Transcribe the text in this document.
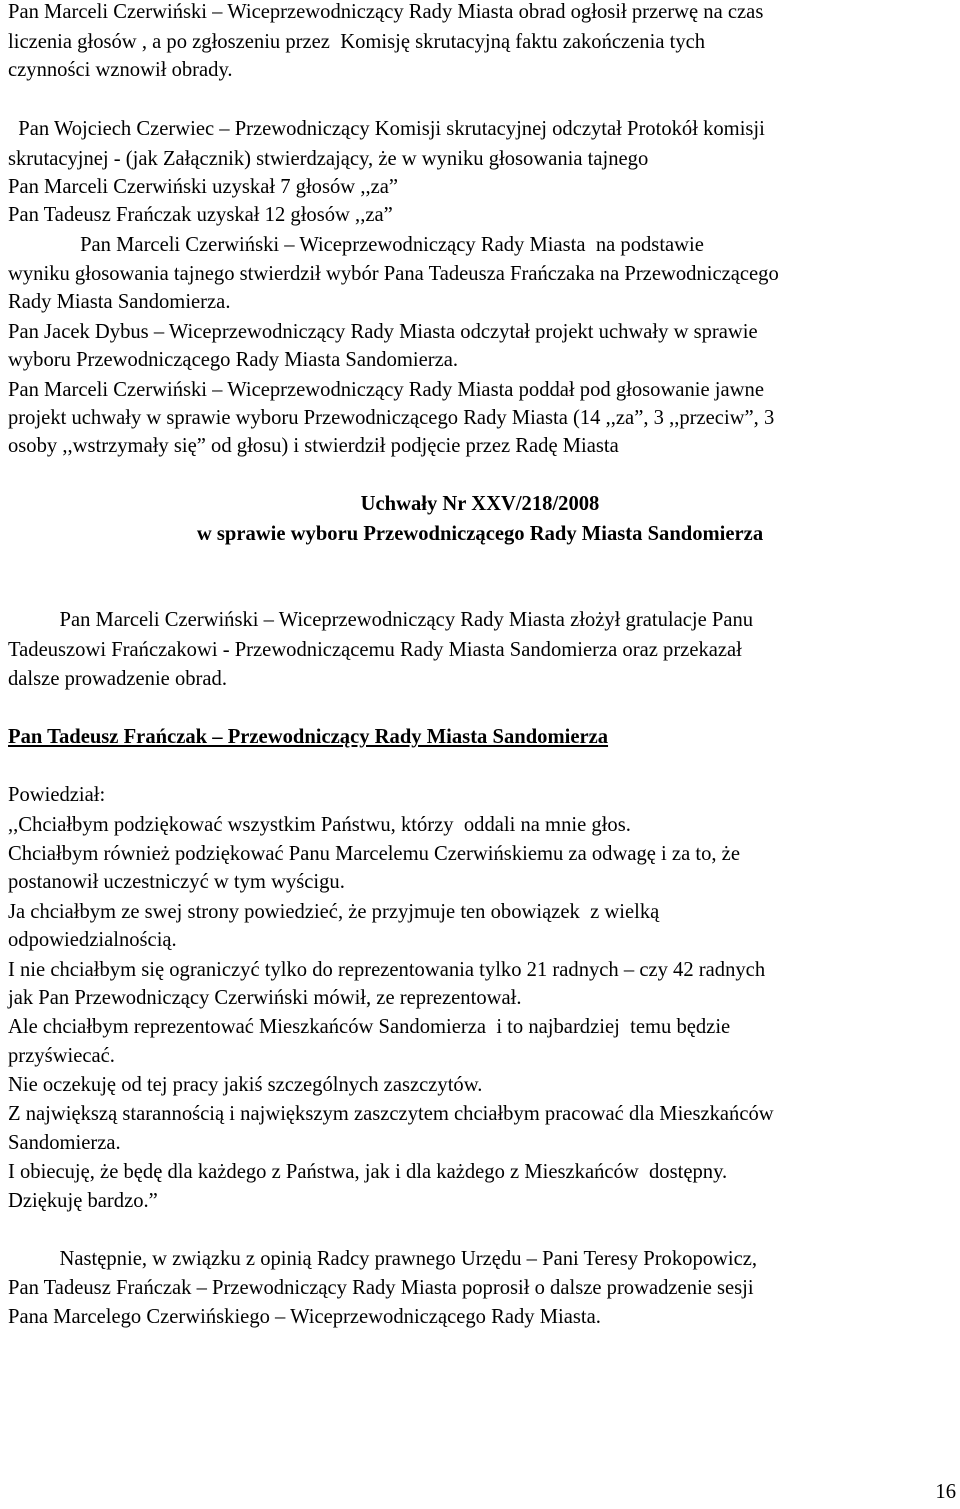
Pan Marceli Czerwiński – Wiceprzewodniczący Rady Miasta obrad ogłosił przerwę na czas
liczenia głosów , a po zgłoszeniu przez  Komisję skrutacyjną faktu zakończenia tych
czynności wznowił obrady.
Pan Wojciech Czerwiec – Przewodniczący Komisji skrutacyjnej odczytał Protokół komisji
skrutacyjnej - (jak Załącznik) stwierdzający, że w wyniku głosowania tajnego
Pan Marceli Czerwiński uzyskał 7 głosów ,,za”
Pan Tadeusz Frańczak uzyskał 12 głosów ,,za”
Pan Marceli Czerwiński – Wiceprzewodniczący Rady Miasta  na podstawie
wyniku głosowania tajnego stwierdził wybór Pana Tadeusza Frańczaka na Przewodniczącego
Rady Miasta Sandomierza.
Pan Jacek Dybus – Wiceprzewodniczący Rady Miasta odczytał projekt uchwały w sprawie
wyboru Przewodniczącego Rady Miasta Sandomierza.
Pan Marceli Czerwiński – Wiceprzewodniczący Rady Miasta poddał pod głosowanie jawne
projekt uchwały w sprawie wyboru Przewodniczącego Rady Miasta (14 ,,za”, 3 ,,przeciw”, 3
osoby ,,wstrzymały się” od głosu) i stwierdził podjęcie przez Radę Miasta
Uchwały Nr XXV/218/2008
w sprawie wyboru Przewodniczącego Rady Miasta Sandomierza
Pan Marceli Czerwiński – Wiceprzewodniczący Rady Miasta złożył gratulacje Panu
Tadeuszowi Frańczakowi - Przewodniczącemu Rady Miasta Sandomierza oraz przekazał
dalsze prowadzenie obrad.
Pan Tadeusz Frańczak – Przewodniczący Rady Miasta Sandomierza
Powiedział:
,,Chciałbym podziękować wszystkim Państwu, którzy  oddali na mnie głos.
Chciałbym również podziękować Panu Marcelemu Czerwińskiemu za odwagę i za to, że
postanowił uczestniczyć w tym wyścigu.
Ja chciałbym ze swej strony powiedzieć, że przyjmuje ten obowiązek  z wielką
odpowiedzialnością.
I nie chciałbym się ograniczyć tylko do reprezentowania tylko 21 radnych – czy 42 radnych
jak Pan Przewodniczący Czerwiński mówił, ze reprezentował.
Ale chciałbym reprezentować Mieszkańców Sandomierza  i to najbardziej  temu będzie
przyświecać.
Nie oczekuję od tej pracy jakiś szczególnych zaszczytów.
Z największą starannością i największym zaszczytem chciałbym pracować dla Mieszkańców
Sandomierza.
I obiecuję, że będę dla każdego z Państwa, jak i dla każdego z Mieszkańców  dostępny.
Dziękuję bardzo.”
Następnie, w związku z opinią Radcy prawnego Urzędu – Pani Teresy Prokopowicz,
Pan Tadeusz Frańczak – Przewodniczący Rady Miasta poprosił o dalsze prowadzenie sesji
Pana Marcelego Czerwińskiego – Wiceprzewodniczącego Rady Miasta.
16
